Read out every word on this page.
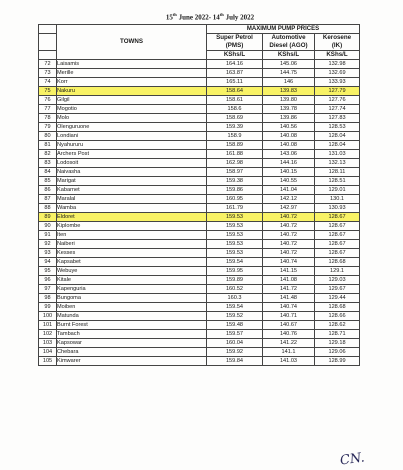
15th June 2022- 14th July 2022
	TOWNS	MAXIMUM PUMP PRICES		
		Super Petrol (PMS)	Automotive Diesel (AGO)	Kerosene (IK)
		KShs/L	KShs/L	KShs/L
72	Laisamis	164.16	145.06	132.98
73	Merille	163.87	144.75	132.69
74	Korr	165.11	146	133.93
75	Nakuru	158.64	139.83	127.79
76	Gilgil	158.61	139.80	127.76
77	Mogotio	158.6	139.78	127.74
78	Molo	158.69	139.86	127.83
79	Olenguruone	159.39	140.56	128.53
80	Londiani	158.9	140.08	128.04
81	Nyahururu	158.89	140.08	128.04
82	Archers Post	161.88	143.06	131.03
83	Lodosoit	162.98	144.16	132.13
84	Naivasha	158.97	140.15	128.11
85	Marigat	159.38	140.55	128.51
86	Kabarnet	159.86	141.04	129.01
87	Maralal	160.95	142.12	130.1
88	Wamba	161.79	142.97	130.93
89	Eldoret	159.53	140.72	128.67
90	Kiplombe	159.53	140.72	128.67
91	Iten	159.53	140.72	128.67
92	Naiberi	159.53	140.72	128.67
93	Kesses	159.53	140.72	128.67
94	Kapsabet	159.54	140.74	128.68
95	Webuye	159.95	141.15	129.1
96	Kitale	159.89	141.08	129.03
97	Kapenguria	160.52	141.72	129.67
98	Bungoma	160.3	141.48	129.44
99	Moiben	159.54	140.74	128.68
100	Matunda	159.52	140.71	128.66
101	Burnt Forest	159.48	140.67	128.62
102	Tambach	159.57	140.76	128.71
103	Kapsowar	160.04	141.22	129.18
104	Chebara	159.92	141.1	129.06
105	Kimwarer	159.84	141.03	128.99
CN.
